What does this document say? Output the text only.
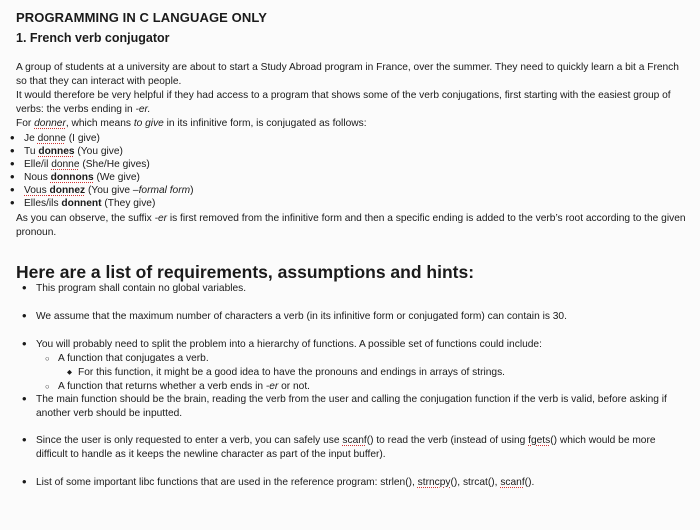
PROGRAMMING IN C LANGUAGE ONLY
1. French verb conjugator
A group of students at a university are about to start a Study Abroad program in France, over the summer. They need to quickly learn a bit a French so that they can interact with people.
It would therefore be very helpful if they had access to a program that shows some of the verb conjugations, first starting with the easiest group of verbs: the verbs ending in -er.
For donner, which means to give in its infinitive form, is conjugated as follows:
• Je donne (I give)
• Tu donnes (You give)
• Elle/il donne (She/He gives)
• Nous donnons (We give)
• Vous donnez (You give –formal form)
• Elles/ils donnent (They give)
As you can observe, the suffix -er is first removed from the infinitive form and then a specific ending is added to the verb’s root according to the given pronoun.
Here are a list of requirements, assumptions and hints:
• This program shall contain no global variables.
• We assume that the maximum number of characters a verb (in its infinitive form or conjugated form) can contain is 30.
• You will probably need to split the problem into a hierarchy of functions. A possible set of functions could include:
○ A function that conjugates a verb.
◆ For this function, it might be a good idea to have the pronouns and endings in arrays of strings.
○ A function that returns whether a verb ends in -er or not.
• The main function should be the brain, reading the verb from the user and calling the conjugation function if the verb is valid, before asking if another verb should be inputted.
• Since the user is only requested to enter a verb, you can safely use scanf() to read the verb (instead of using fgets() which would be more difficult to handle as it keeps the newline character as part of the input buffer).
• List of some important libc functions that are used in the reference program: strlen(), strncpy(), strcat(), scanf().
